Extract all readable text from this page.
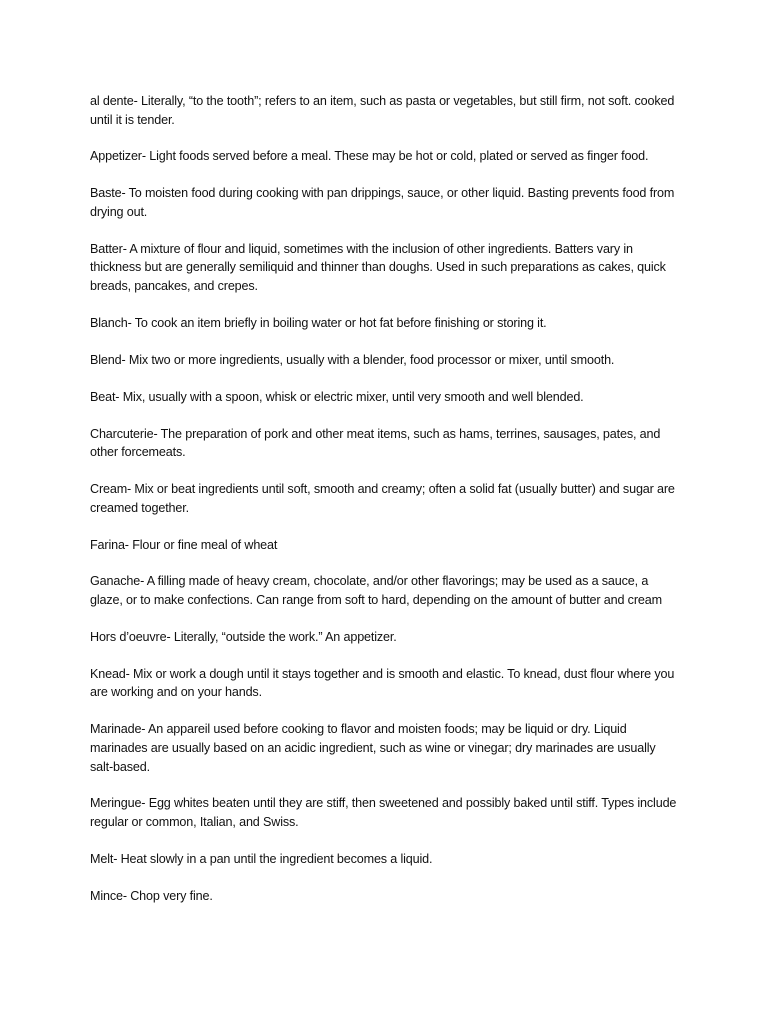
al dente- Literally, “to the tooth”; refers to an item, such as pasta or vegetables, but still firm, not soft. cooked until it is tender.

Appetizer- Light foods served before a meal. These may be hot or cold, plated or served as finger food.

Baste- To moisten food during cooking with pan drippings, sauce, or other liquid. Basting prevents food from drying out.

Batter- A mixture of flour and liquid, sometimes with the inclusion of other ingredients. Batters vary in thickness but are generally semiliquid and thinner than doughs. Used in such preparations as cakes, quick breads, pancakes, and crepes.

Blanch- To cook an item briefly in boiling water or hot fat before finishing or storing it.

Blend- Mix two or more ingredients, usually with a blender, food processor or mixer, until smooth.

Beat- Mix, usually with a spoon, whisk or electric mixer, until very smooth and well blended.

Charcuterie- The preparation of pork and other meat items, such as hams, terrines, sausages, pates, and other forcemeats.

Cream- Mix or beat ingredients until soft, smooth and creamy; often a solid fat (usually butter) and sugar are creamed together.

Farina- Flour or fine meal of wheat

Ganache- A filling made of heavy cream, chocolate, and/or other flavorings; may be used as a sauce, a glaze, or to make confections. Can range from soft to hard, depending on the amount of butter and cream

Hors d’oeuvre- Literally, “outside the work.” An appetizer.

Knead- Mix or work a dough until it stays together and is smooth and elastic. To knead, dust flour where you are working and on your hands.

Marinade- An appareil used before cooking to flavor and moisten foods; may be liquid or dry. Liquid marinades are usually based on an acidic ingredient, such as wine or vinegar; dry marinades are usually salt-based.

Meringue- Egg whites beaten until they are stiff, then sweetened and possibly baked until stiff. Types include regular or common, Italian, and Swiss.

Melt- Heat slowly in a pan until the ingredient becomes a liquid.

Mince- Chop very fine.
